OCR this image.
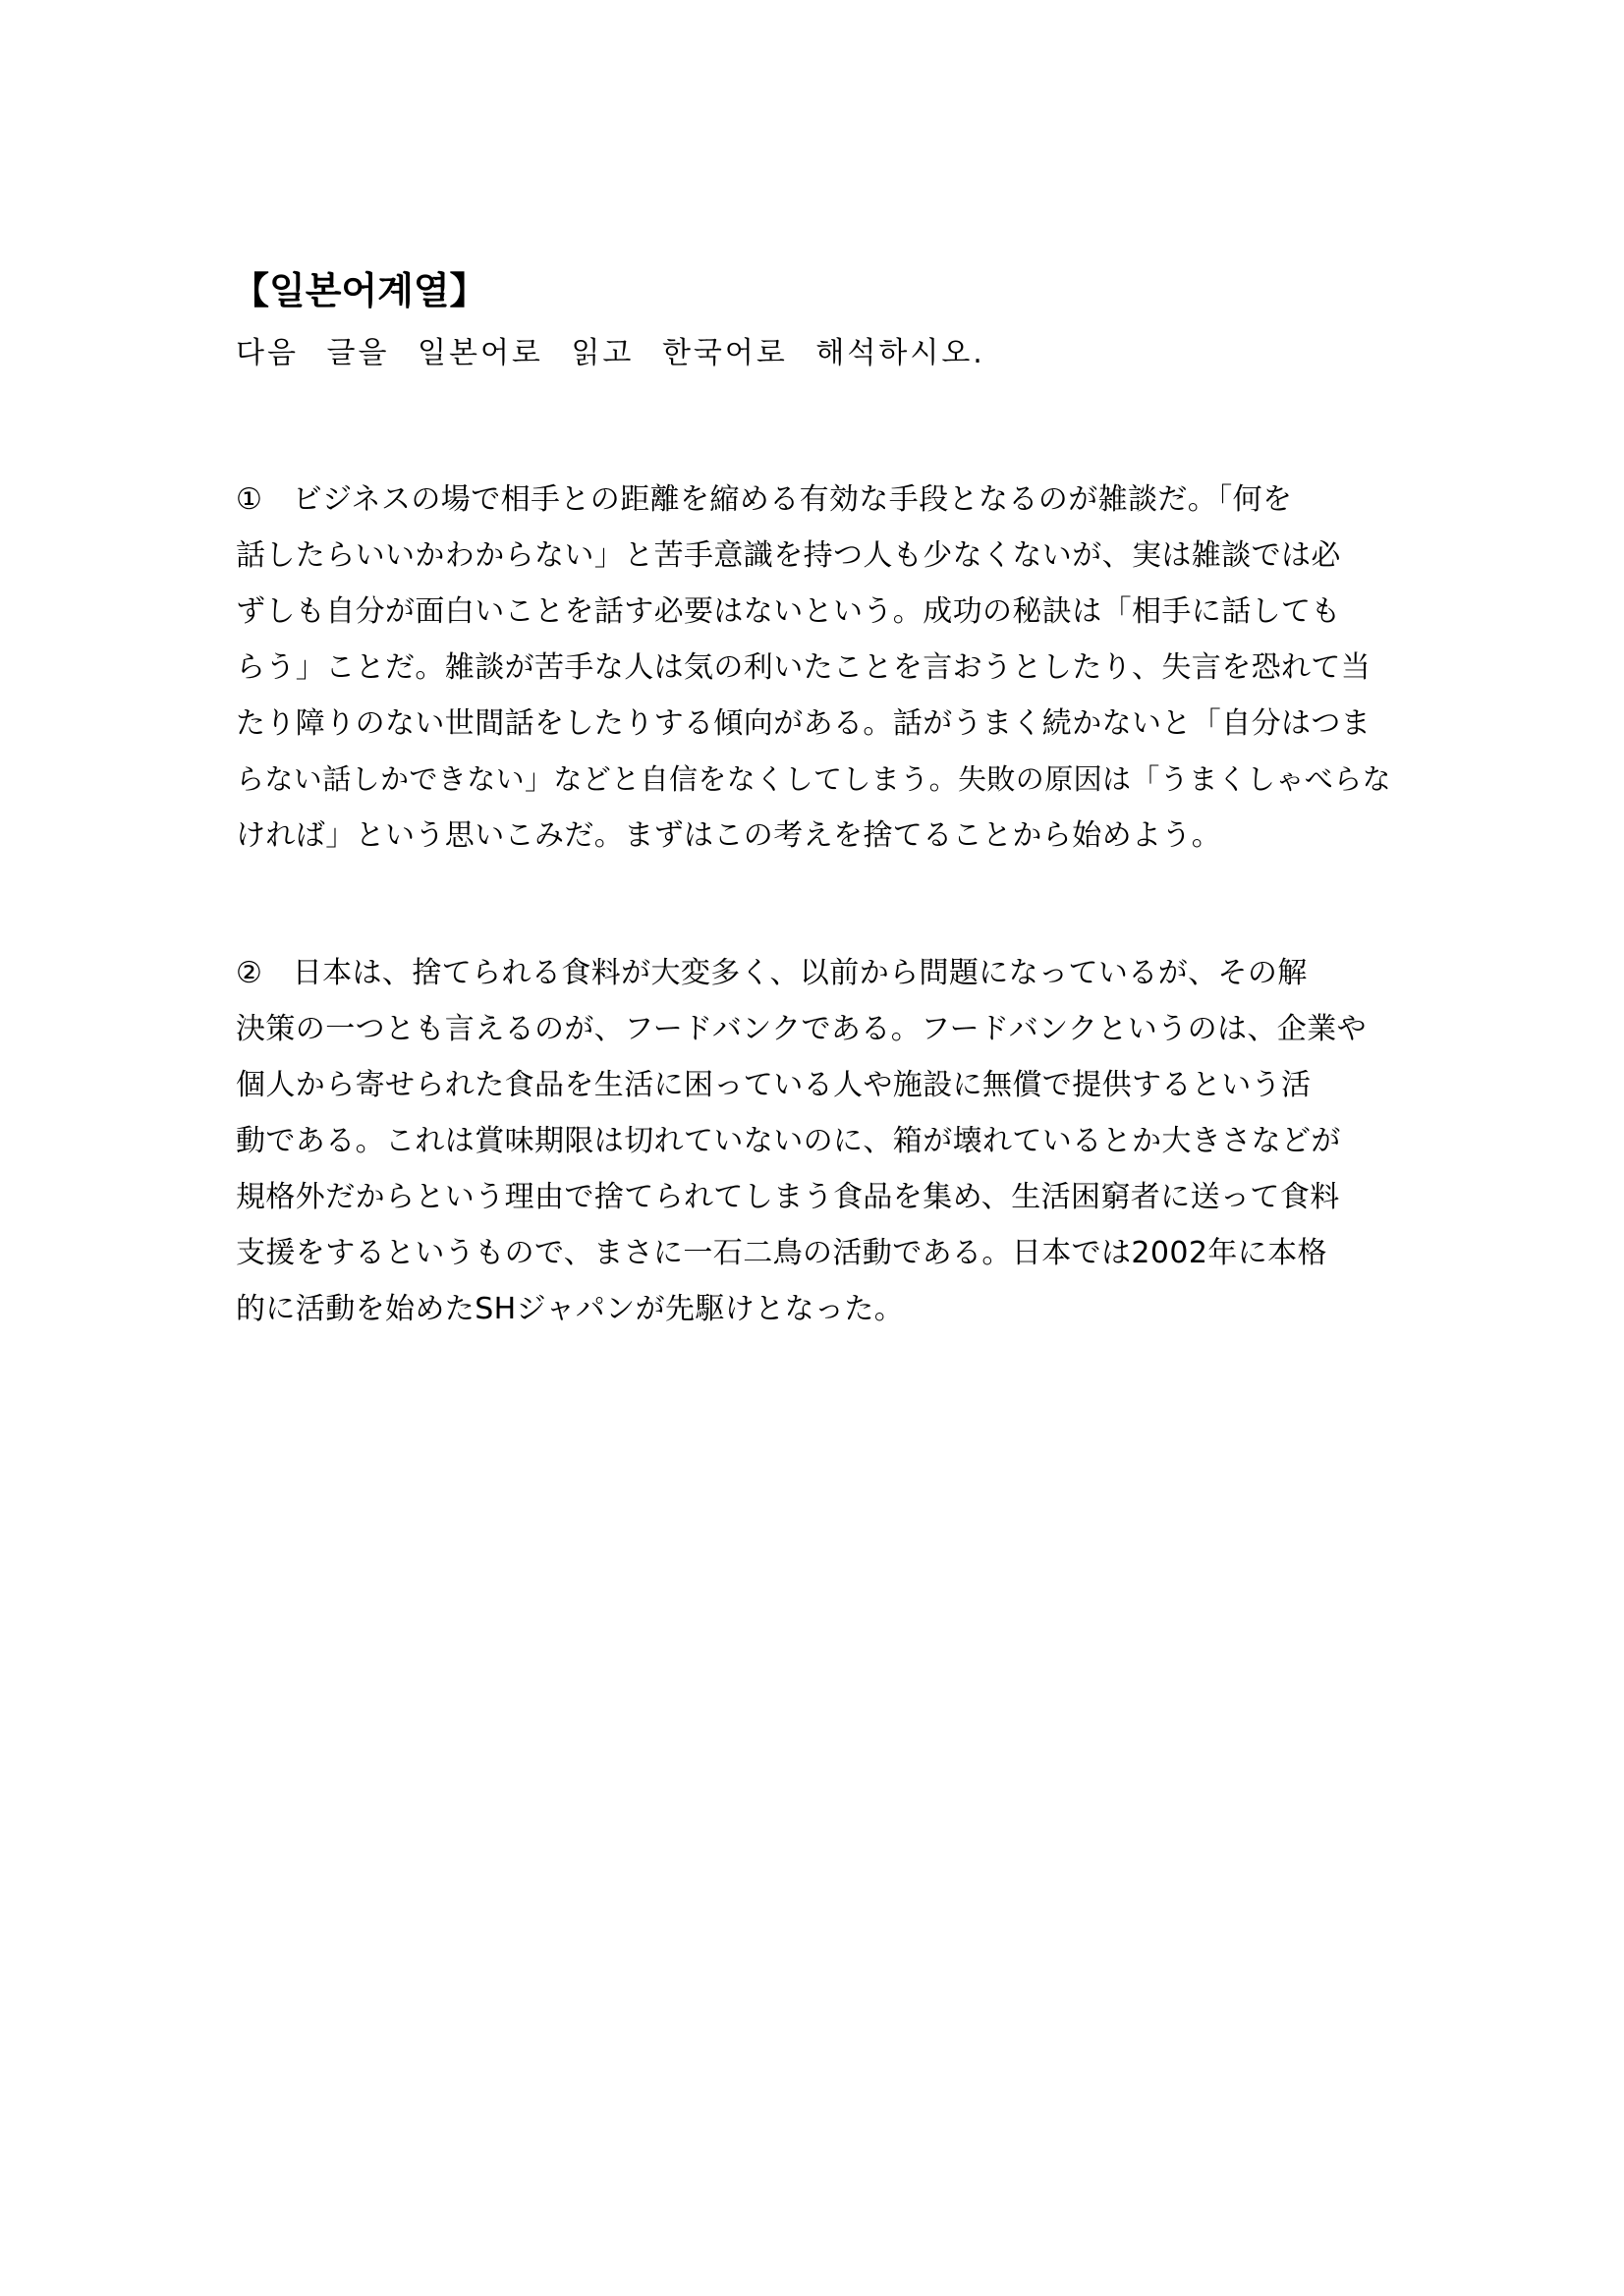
【일본어계열】

다음 글을 일본어로 읽고 한국어로 해석하시오.

①　ビジネスの場で相手との距離を縮める有効な手段となるのが雑談だ。「何を
話したらいいかわからない」と苦手意識を持つ人も少なくないが、実は雑談では必
ずしも自分が面白いことを話す必要はないという。成功の秘訣は「相手に話しても
らう」ことだ。雑談が苦手な人は気の利いたことを言おうとしたり、失言を恐れて当
たり障りのない世間話をしたりする傾向がある。話がうまく続かないと「自分はつま
らない話しかできない」などと自信をなくしてしまう。失敗の原因は「うまくしゃべらな
ければ」という思いこみだ。まずはこの考えを捨てることから始めよう。
②　日本は、捨てられる食料が大変多く、以前から問題になっているが、その解
決策の一つとも言えるのが、フードバンクである。フードバンクというのは、企業や
個人から寄せられた食品を生活に困っている人や施設に無償で提供するという活
動である。これは賞味期限は切れていないのに、箱が壊れているとか大きさなどが
規格外だからという理由で捨てられてしまう食品を集め、生活困窮者に送って食料
支援をするというもので、まさに一石二鳥の活動である。日本では2002年に本格
的に活動を始めたSHジャパンが先駆けとなった。
